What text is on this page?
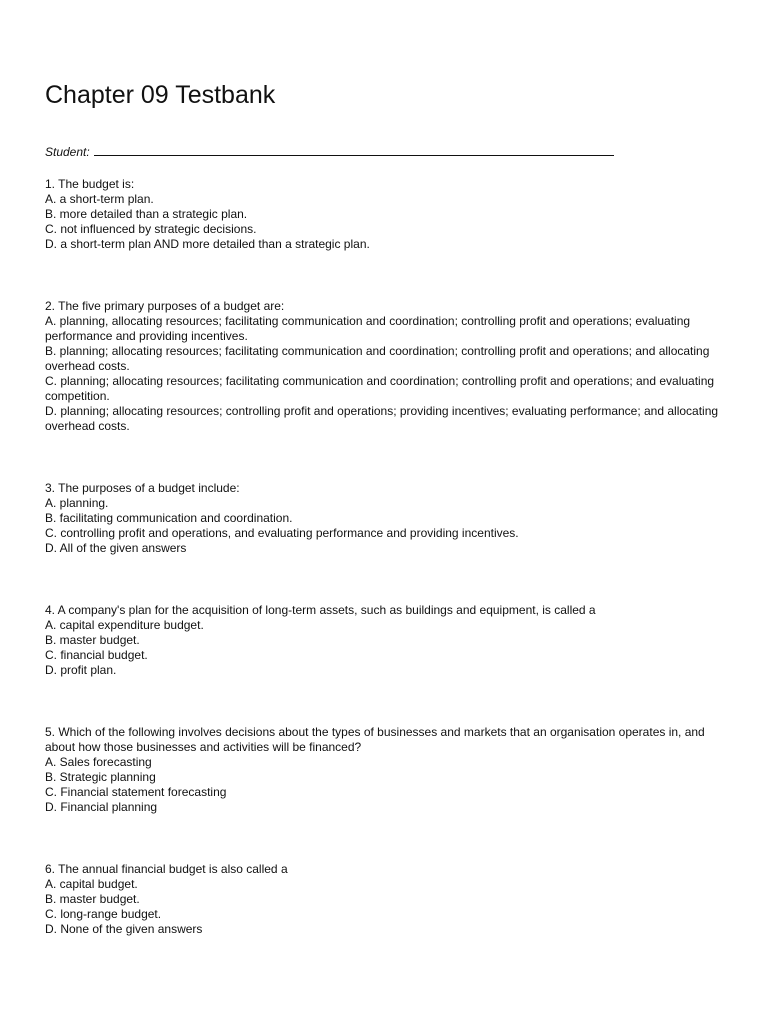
Chapter 09 Testbank
Student:
1. The budget is:
A. a short-term plan.
B. more detailed than a strategic plan.
C. not influenced by strategic decisions.
D. a short-term plan AND more detailed than a strategic plan.
2. The five primary purposes of a budget are:
A. planning, allocating resources; facilitating communication and coordination; controlling profit and operations; evaluating performance and providing incentives.
B. planning; allocating resources; facilitating communication and coordination; controlling profit and operations; and allocating overhead costs.
C. planning; allocating resources; facilitating communication and coordination; controlling profit and operations; and evaluating competition.
D. planning; allocating resources; controlling profit and operations; providing incentives; evaluating performance; and allocating overhead costs.
3. The purposes of a budget include:
A. planning.
B. facilitating communication and coordination.
C. controlling profit and operations, and evaluating performance and providing incentives.
D. All of the given answers
4. A company's plan for the acquisition of long-term assets, such as buildings and equipment, is called a
A. capital expenditure budget.
B. master budget.
C. financial budget.
D. profit plan.
5. Which of the following involves decisions about the types of businesses and markets that an organisation operates in, and about how those businesses and activities will be financed?
A. Sales forecasting
B. Strategic planning
C. Financial statement forecasting
D. Financial planning
6. The annual financial budget is also called a
A. capital budget.
B. master budget.
C. long-range budget.
D. None of the given answers
